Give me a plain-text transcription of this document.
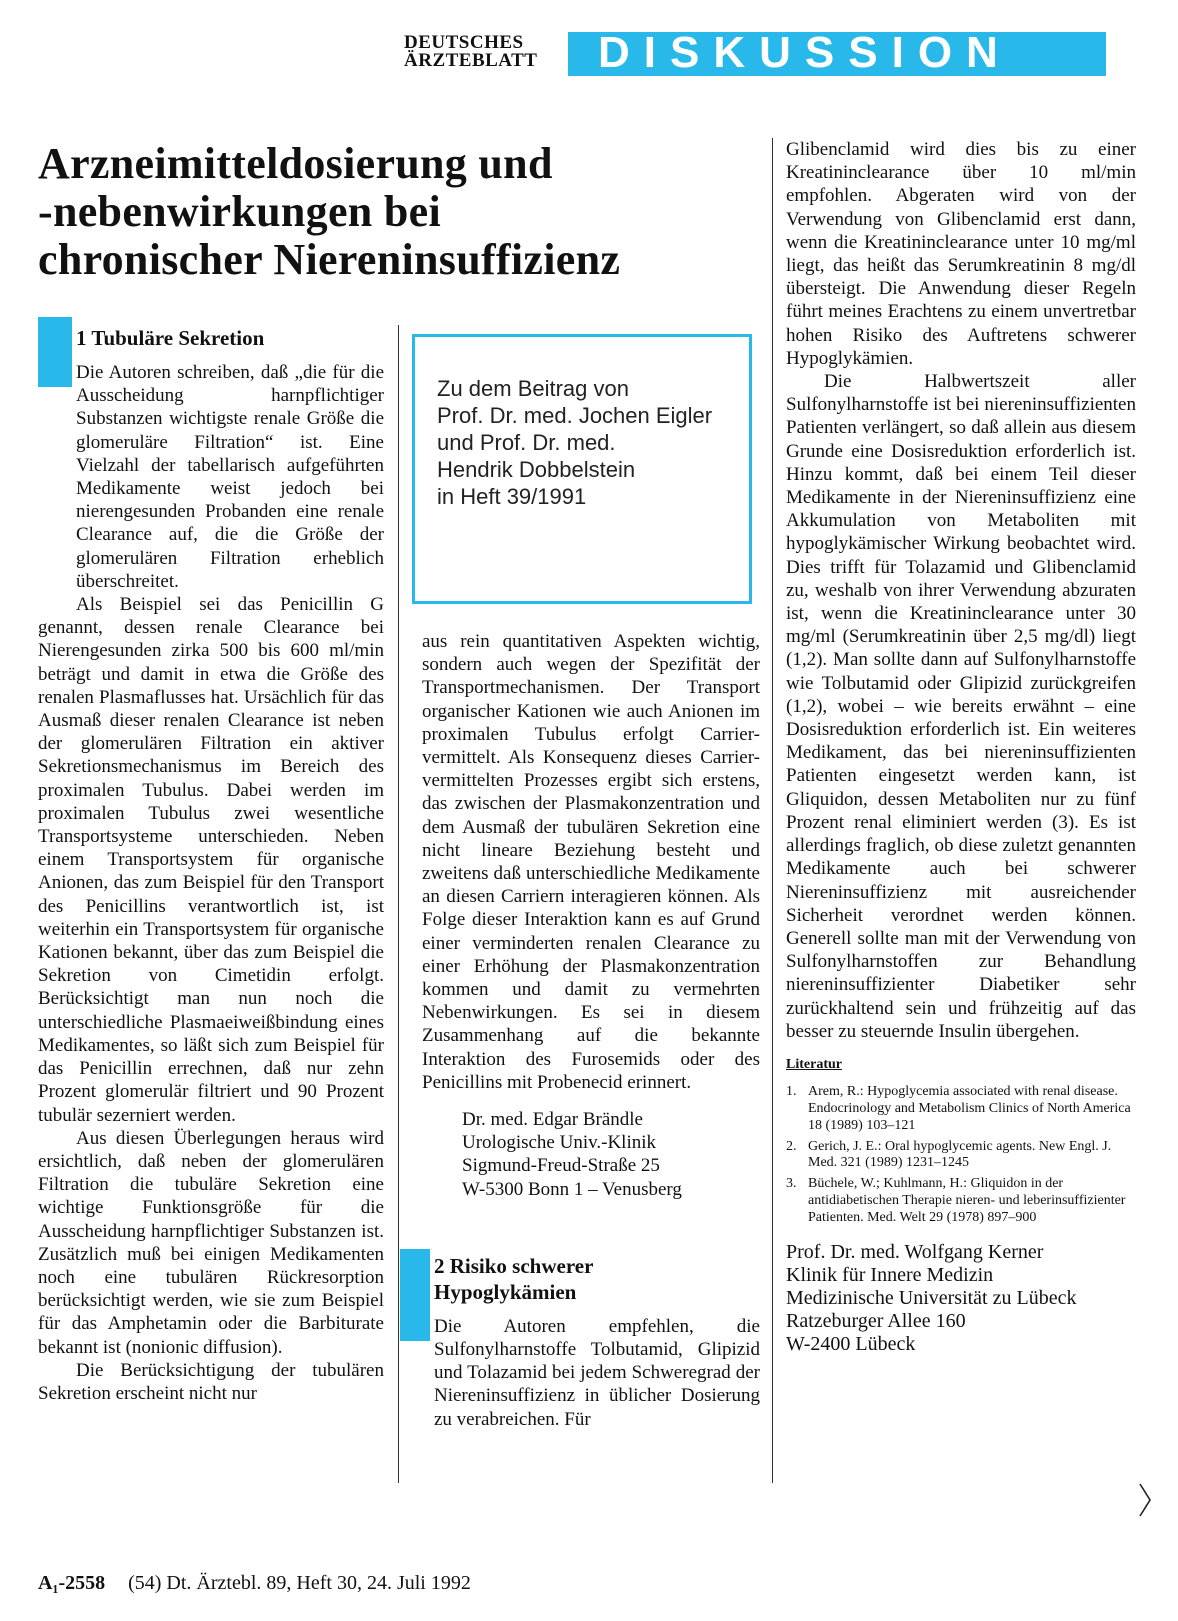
DEUTSCHES
ÄRZTEBLATT	DISKUSSION
Arzneimitteldosierung und
-nebenwirkungen bei
chronischer Niereninsuffizienz
1 Tubuläre Sekretion

Die Autoren schreiben, daß „die für die Ausscheidung harnpflichtiger Substanzen wichtigste renale Größe die glomeruläre Filtration“ ist. Eine Vielzahl der tabellarisch aufgeführten Medikamente weist jedoch bei nierengesunden Probanden eine renale Clearance auf, die die Größe der glomerulären Filtration erheblich überschreitet.

Als Beispiel sei das Penicillin G genannt, dessen renale Clearance bei Nierengesunden zirka 500 bis 600 ml/min beträgt und damit in etwa die Größe des renalen Plasmaflusses hat. Ursächlich für das Ausmaß dieser renalen Clearance ist neben der glomerulären Filtration ein aktiver Sekretionsmechanismus im Bereich des proximalen Tubulus. Dabei werden im proximalen Tubulus zwei wesentliche Transportsysteme unterschieden. Neben einem Transportsystem für organische Anionen, das zum Beispiel für den Transport des Penicillins verantwortlich ist, ist weiterhin ein Transportsystem für organische Kationen bekannt, über das zum Beispiel die Sekretion von Cimetidin erfolgt. Berücksichtigt man nun noch die unterschiedliche Plasmaeiweißbindung eines Medikamentes, so läßt sich zum Beispiel für das Penicillin errechnen, daß nur zehn Prozent glomerulär filtriert und 90 Prozent tubulär sezerniert werden.

Aus diesen Überlegungen heraus wird ersichtlich, daß neben der glomerulären Filtration die tubuläre Sekretion eine wichtige Funktionsgröße für die Ausscheidung harnpflichtiger Substanzen ist. Zusätzlich muß bei einigen Medikamenten noch eine tubulären Rückresorption berücksichtigt werden, wie sie zum Beispiel für das Amphetamin oder die Barbiturate bekannt ist (nonionic diffusion).

Die Berücksichtigung der tubulären Sekretion erscheint nicht nur

Zu dem Beitrag von
Prof. Dr. med. Jochen Eigler
und Prof. Dr. med.
Hendrik Dobbelstein
in Heft 39/1991

aus rein quantitativen Aspekten wichtig, sondern auch wegen der Spezifität der Transportmechanismen. Der Transport organischer Kationen wie auch Anionen im proximalen Tubulus erfolgt Carrier-vermittelt. Als Konsequenz dieses Carrier-vermittelten Prozesses ergibt sich erstens, das zwischen der Plasmakonzentration und dem Ausmaß der tubulären Sekretion eine nicht lineare Beziehung besteht und zweitens daß unterschiedliche Medikamente an diesen Carriern interagieren können. Als Folge dieser Interaktion kann es auf Grund einer verminderten renalen Clearance zu einer Erhöhung der Plasmakonzentration kommen und damit zu vermehrten Nebenwirkungen. Es sei in diesem Zusammenhang auf die bekannte Interaktion des Furosemids oder des Penicillins mit Probenecid erinnert.

Dr. med. Edgar Brändle
Urologische Univ.-Klinik
Sigmund-Freud-Straße 25
W-5300 Bonn 1 – Venusberg
2 Risiko schwerer
Hypoglykämien

Die Autoren empfehlen, die Sulfonylharnstoffe Tolbutamid, Glipizid und Tolazamid bei jedem Schweregrad der Niereninsuffizienz in üblicher Dosierung zu verabreichen. Für

Glibenclamid wird dies bis zu einer Kreatininclearance über 10 ml/min empfohlen. Abgeraten wird von der Verwendung von Glibenclamid erst dann, wenn die Kreatininclearance unter 10 mg/ml liegt, das heißt das Serumkreatinin 8 mg/dl übersteigt. Die Anwendung dieser Regeln führt meines Erachtens zu einem unvertretbar hohen Risiko des Auftretens schwerer Hypoglykämien.

Die Halbwertszeit aller Sulfonylharnstoffe ist bei niereninsuffizienten Patienten verlängert, so daß allein aus diesem Grunde eine Dosisreduktion erforderlich ist. Hinzu kommt, daß bei einem Teil dieser Medikamente in der Niereninsuffizienz eine Akkumulation von Metaboliten mit hypoglykämischer Wirkung beobachtet wird. Dies trifft für Tolazamid und Glibenclamid zu, weshalb von ihrer Verwendung abzuraten ist, wenn die Kreatininclearance unter 30 mg/ml (Serumkreatinin über 2,5 mg/dl) liegt (1,2). Man sollte dann auf Sulfonylharnstoffe wie Tolbutamid oder Glipizid zurückgreifen (1,2), wobei – wie bereits erwähnt – eine Dosisreduktion erforderlich ist. Ein weiteres Medikament, das bei niereninsuffizienten Patienten eingesetzt werden kann, ist Gliquidon, dessen Metaboliten nur zu fünf Prozent renal eliminiert werden (3). Es ist allerdings fraglich, ob diese zuletzt genannten Medikamente auch bei schwerer Niereninsuffizienz mit ausreichender Sicherheit verordnet werden können. Generell sollte man mit der Verwendung von Sulfonylharnstoffen zur Behandlung niereninsuffizienter Diabetiker sehr zurückhaltend sein und frühzeitig auf das besser zu steuernde Insulin übergehen.

Literatur
1. Arem, R.: Hypoglycemia associated with renal disease. Endocrinology and Metabolism Clinics of North America 18 (1989) 103–121
2. Gerich, J. E.: Oral hypoglycemic agents. New Engl. J. Med. 321 (1989) 1231–1245
3. Büchele, W.; Kuhlmann, H.: Gliquidon in der antidiabetischen Therapie nieren- und leberinsuffizienter Patienten. Med. Welt 29 (1978) 897–900
Prof. Dr. med. Wolfgang Kerner
Klinik für Innere Medizin
Medizinische Universität zu Lübeck
Ratzeburger Allee 160
W-2400 Lübeck
A₁-2558 (54) Dt. Ärztebl. 89, Heft 30, 24. Juli 1992
